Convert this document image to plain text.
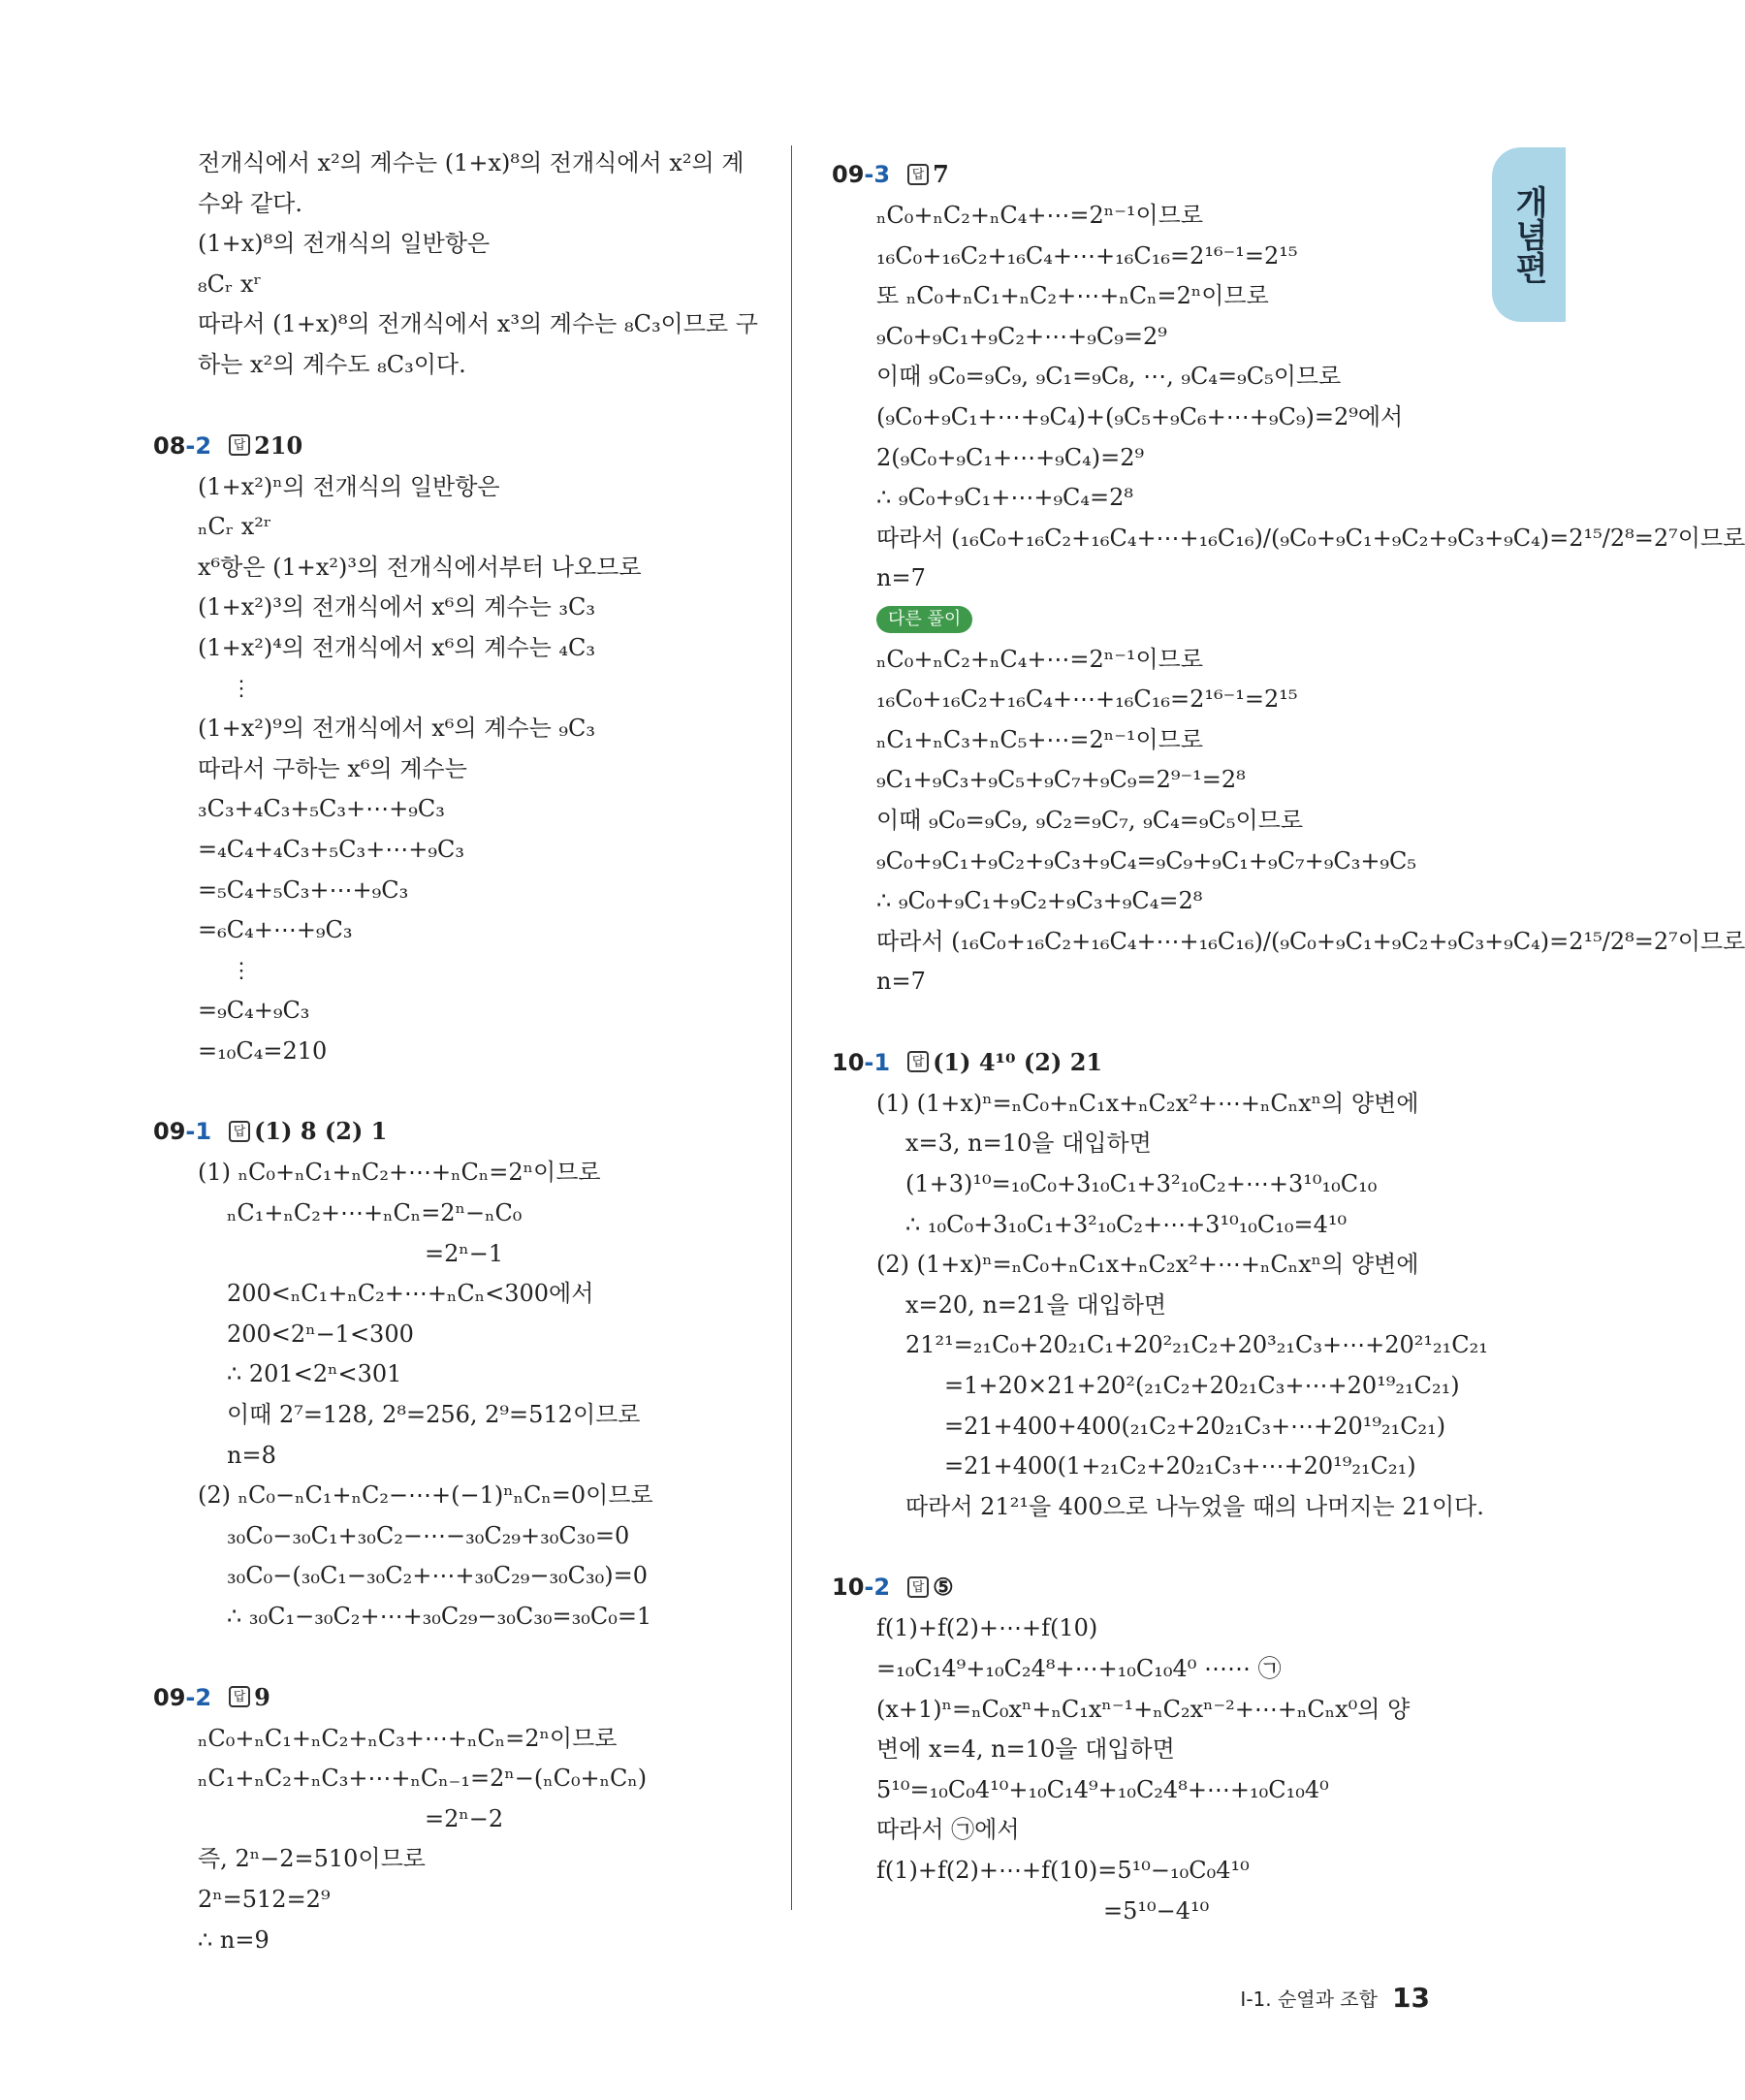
개념편
전개식에서 x²의 계수는 (1+x)⁸의 전개식에서 x²의 계
수와 같다.
(1+x)⁸의 전개식의 일반항은
₈Cᵣ xʳ
따라서 (1+x)⁸의 전개식에서 x³의 계수는 ₈C₃이므로 구
하는 x²의 계수도 ₈C₃이다.
08-2 답 210
(1+x²)ⁿ의 전개식의 일반항은
ₙCᵣ x²ʳ
x⁶항은 (1+x²)³의 전개식에서부터 나오므로
(1+x²)³의 전개식에서 x⁶의 계수는 ₃C₃
(1+x²)⁴의 전개식에서 x⁶의 계수는 ₄C₃
⋮
(1+x²)⁹의 전개식에서 x⁶의 계수는 ₉C₃
따라서 구하는 x⁶의 계수는
₃C₃+₄C₃+₅C₃+⋯+₉C₃
=₄C₄+₄C₃+₅C₃+⋯+₉C₃
=₅C₄+₅C₃+⋯+₉C₃
=₆C₄+⋯+₉C₃
⋮
=₉C₄+₉C₃
=₁₀C₄=210
09-1 답 (1) 8 (2) 1
(1) ₙC₀+ₙC₁+ₙC₂+⋯+ₙCₙ=2ⁿ이므로
ₙC₁+ₙC₂+⋯+ₙCₙ=2ⁿ−ₙC₀
=2ⁿ−1
200<ₙC₁+ₙC₂+⋯+ₙCₙ<300에서
200<2ⁿ−1<300
∴ 201<2ⁿ<301
이때 2⁷=128, 2⁸=256, 2⁹=512이므로
n=8
(2) ₙC₀−ₙC₁+ₙC₂−⋯+(−1)ⁿₙCₙ=0이므로
₃₀C₀−₃₀C₁+₃₀C₂−⋯−₃₀C₂₉+₃₀C₃₀=0
₃₀C₀−(₃₀C₁−₃₀C₂+⋯+₃₀C₂₉−₃₀C₃₀)=0
∴ ₃₀C₁−₃₀C₂+⋯+₃₀C₂₉−₃₀C₃₀=₃₀C₀=1
09-2 답 9
ₙC₀+ₙC₁+ₙC₂+ₙC₃+⋯+ₙCₙ=2ⁿ이므로
ₙC₁+ₙC₂+ₙC₃+⋯+ₙCₙ₋₁=2ⁿ−(ₙC₀+ₙCₙ)
=2ⁿ−2
즉, 2ⁿ−2=510이므로
2ⁿ=512=2⁹
∴ n=9
09-3 답 7
ₙC₀+ₙC₂+ₙC₄+⋯=2ⁿ⁻¹이므로
₁₆C₀+₁₆C₂+₁₆C₄+⋯+₁₆C₁₆=2¹⁶⁻¹=2¹⁵
또 ₙC₀+ₙC₁+ₙC₂+⋯+ₙCₙ=2ⁿ이므로
₉C₀+₉C₁+₉C₂+⋯+₉C₉=2⁹
이때 ₉C₀=₉C₉, ₉C₁=₉C₈, ⋯, ₉C₄=₉C₅이므로
(₉C₀+₉C₁+⋯+₉C₄)+(₉C₅+₉C₆+⋯+₉C₉)=2⁹에서
2(₉C₀+₉C₁+⋯+₉C₄)=2⁹
∴ ₉C₀+₉C₁+⋯+₉C₄=2⁸
따라서 (₁₆C₀+₁₆C₂+₁₆C₄+⋯+₁₆C₁₆)/(₉C₀+₉C₁+₉C₂+₉C₃+₉C₄)=2¹⁵/2⁸=2⁷이므로
n=7
다른 풀이
ₙC₀+ₙC₂+ₙC₄+⋯=2ⁿ⁻¹이므로
₁₆C₀+₁₆C₂+₁₆C₄+⋯+₁₆C₁₆=2¹⁶⁻¹=2¹⁵
ₙC₁+ₙC₃+ₙC₅+⋯=2ⁿ⁻¹이므로
₉C₁+₉C₃+₉C₅+₉C₇+₉C₉=2⁹⁻¹=2⁸
이때 ₉C₀=₉C₉, ₉C₂=₉C₇, ₉C₄=₉C₅이므로
₉C₀+₉C₁+₉C₂+₉C₃+₉C₄=₉C₉+₉C₁+₉C₇+₉C₃+₉C₅
∴ ₉C₀+₉C₁+₉C₂+₉C₃+₉C₄=2⁸
따라서 (₁₆C₀+₁₆C₂+₁₆C₄+⋯+₁₆C₁₆)/(₉C₀+₉C₁+₉C₂+₉C₃+₉C₄)=2¹⁵/2⁸=2⁷이므로
n=7
10-1 답 (1) 4¹⁰ (2) 21
(1) (1+x)ⁿ=ₙC₀+ₙC₁x+ₙC₂x²+⋯+ₙCₙxⁿ의 양변에
x=3, n=10을 대입하면
(1+3)¹⁰=₁₀C₀+3₁₀C₁+3²₁₀C₂+⋯+3¹⁰₁₀C₁₀
∴ ₁₀C₀+3₁₀C₁+3²₁₀C₂+⋯+3¹⁰₁₀C₁₀=4¹⁰
(2) (1+x)ⁿ=ₙC₀+ₙC₁x+ₙC₂x²+⋯+ₙCₙxⁿ의 양변에
x=20, n=21을 대입하면
21²¹=₂₁C₀+20₂₁C₁+20²₂₁C₂+20³₂₁C₃+⋯+20²¹₂₁C₂₁
=1+20×21+20²(₂₁C₂+20₂₁C₃+⋯+20¹⁹₂₁C₂₁)
=21+400+400(₂₁C₂+20₂₁C₃+⋯+20¹⁹₂₁C₂₁)
=21+400(1+₂₁C₂+20₂₁C₃+⋯+20¹⁹₂₁C₂₁)
따라서 21²¹을 400으로 나누었을 때의 나머지는 21이다.
10-2 답 ⑤
f(1)+f(2)+⋯+f(10)
=₁₀C₁4⁹+₁₀C₂4⁸+⋯+₁₀C₁₀4⁰ ⋯⋯ ㉠
(x+1)ⁿ=ₙC₀xⁿ+ₙC₁xⁿ⁻¹+ₙC₂xⁿ⁻²+⋯+ₙCₙx⁰의 양
변에 x=4, n=10을 대입하면
5¹⁰=₁₀C₀4¹⁰+₁₀C₁4⁹+₁₀C₂4⁸+⋯+₁₀C₁₀4⁰
따라서 ㉠에서
f(1)+f(2)+⋯+f(10)=5¹⁰−₁₀C₀4¹⁰
=5¹⁰−4¹⁰
Ⅰ-1. 순열과 조합 13
